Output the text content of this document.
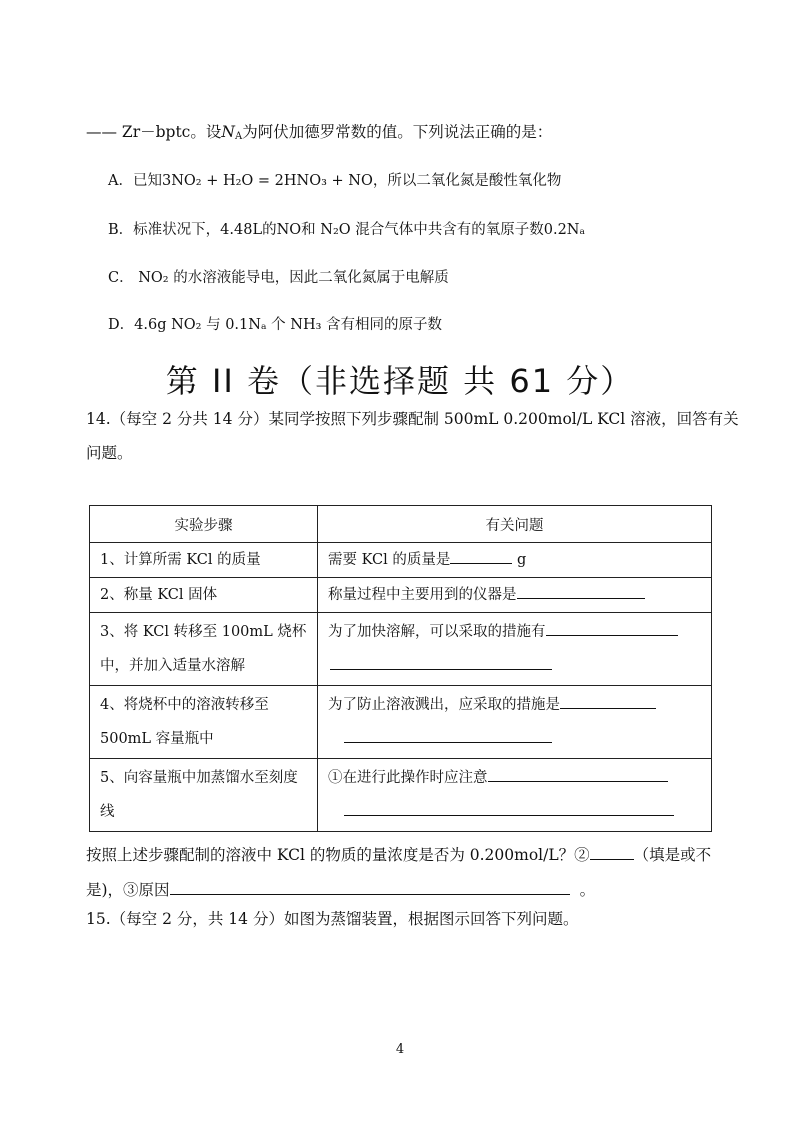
—— Zr－bptc。设$N_A$为阿伏加德罗常数的值。下列说法正确的是：
A．已知3NO₂ + H₂O = 2HNO₃ + NO，所以二氧化氮是酸性氧化物
B．标准状况下，4.48L的NO和 N₂O 混合气体中共含有的氧原子数0.2Nₐ
C． NO₂ 的水溶液能导电，因此二氧化氮属于电解质
D．4.6g NO₂ 与 0.1Nₐ 个 NH₃ 含有相同的原子数
第 II 卷（非选择题 共 61 分）
14.（每空 2 分共 14 分）某同学按照下列步骤配制 500mL 0.200mol/L KCl 溶液，回答有关
问题。
实验步骤	有关问题
1、计算所需 KCl 的质量	需要 KCl 的质量是 g
2、称量 KCl 固体	称量过程中主要用到的仪器是

3、将 KCl 转移至 100mL 烧杯
中，并加入适量水溶解	为了加快溶解，可以采取的措施有

4、将烧杯中的溶液转移至
500mL 容量瓶中	为了防止溶液溅出，应采取的措施是

5、向容量瓶中加蒸馏水至刻度
线	①在进行此操作时应注意
按照上述步骤配制的溶液中 KCl 的物质的量浓度是否为 0.200mol/L？②	（填是或不
是)，③原因	。
15.（每空 2 分，共 14 分）如图为蒸馏装置，根据图示回答下列问题。
4
